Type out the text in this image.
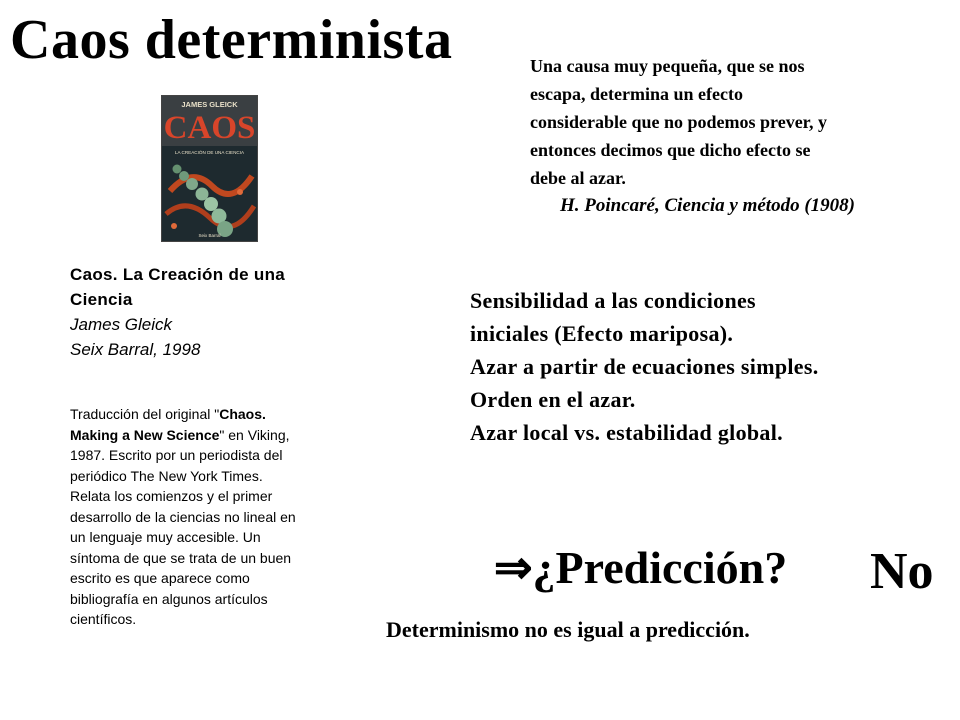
Caos determinista	Una causa muy pequeña, que se nos
escapa, determina un efecto
considerable que no podemos prever, y
entonces decimos que dicho efecto se
debe al azar.
H. Poincaré, Ciencia y método (1908)
JAMES GLEICK
CAOS
LA CREACIÓN DE UNA CIENCIA
Seix Barral
Caos. La Creación de una
Ciencia
James Gleick
Seix Barral, 1998
Traducción del original "Chaos.
Making a New Science" en Viking,
1987. Escrito por un periodista del
periódico The New York Times.
Relata los comienzos y el primer
desarrollo de la ciencias no lineal en
un lenguaje muy accesible. Un
síntoma de que se trata de un buen
escrito es que aparece como
bibliografía en algunos artículos
científicos.
Sensibilidad a las condiciones
iniciales (Efecto mariposa).
Azar a partir de ecuaciones simples.
Orden en el azar.
Azar local vs. estabilidad global.
⇒¿Predicción? No
Determinismo no es igual a predicción.
